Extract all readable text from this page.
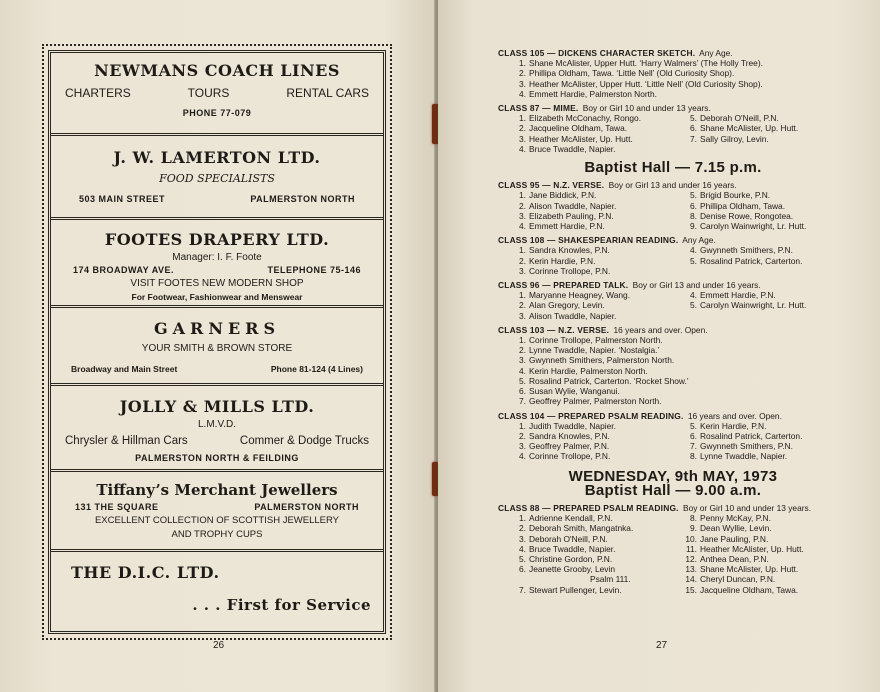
NEWMANS COACH LINES
CHARTERS	TOURS	RENTAL CARS
PHONE 77-079
J. W. LAMERTON LTD.
FOOD SPECIALISTS
503 MAIN STREET	PALMERSTON NORTH
FOOTES DRAPERY LTD.
Manager: I. F. Foote
174 BROADWAY AVE.	TELEPHONE 75-146
VISIT FOOTES NEW MODERN SHOP
For Footwear, Fashionwear and Menswear
GARNERS
YOUR SMITH & BROWN STORE
Broadway and Main Street	Phone 81-124 (4 Lines)
JOLLY & MILLS LTD.
L.M.V.D.
Chrysler & Hillman Cars	Commer & Dodge Trucks
PALMERSTON NORTH & FEILDING
Tiffany’s Merchant Jewellers
131 THE SQUARE	PALMERSTON NORTH
EXCELLENT COLLECTION OF SCOTTISH JEWELLERY
AND TROPHY CUPS
THE D.I.C. LTD.
. . . First for Service
26
CLASS 105 — DICKENS CHARACTER SKETCH. Any Age.
1. Shane McAlister, Upper Hutt. ‘Harry Walmers’ (The Holly Tree).
2. Phillipa Oldham, Tawa. ‘Little Nell’ (Old Curiosity Shop).
3. Heather McAlister, Upper Hutt. ‘Little Nell’ (Old Curiosity Shop).
4. Emmett Hardie, Palmerston North.
CLASS 87 — MIME. Boy or Girl 10 and under 13 years.
1. Elizabeth McConachy, Rongo.	5. Deborah O'Neill, P.N.
2. Jacqueline Oldham, Tawa.	6. Shane McAlister, Up. Hutt.
3. Heather McAlister, Up. Hutt.	7. Sally Gilroy, Levin.
4. Bruce Twaddle, Napier.

Baptist Hall — 7.15 p.m.
CLASS 95 — N.Z. VERSE. Boy or Girl 13 and under 16 years.
1. Jane Biddick, P.N.	5. Brigid Bourke, P.N.
2. Alison Twaddle, Napier.	6. Phillipa Oldham, Tawa.
3. Elizabeth Pauling, P.N.	8. Denise Rowe, Rongotea.
4. Emmett Hardie, P.N.	9. Carolyn Wainwright, Lr. Hutt.
CLASS 108 — SHAKESPEARIAN READING. Any Age.
1. Sandra Knowles, P.N.	4. Gwynneth Smithers, P.N.
2. Kerin Hardie, P.N.	5. Rosalind Patrick, Carterton.
3. Corinne Trollope, P.N.

CLASS 96 — PREPARED TALK. Boy or Girl 13 and under 16 years.
1. Maryanne Heagney, Wang.	4. Emmett Hardie, P.N.
2. Alan Gregory, Levin.	5. Carolyn Wainwright, Lr. Hutt.
3. Alison Twaddle, Napier.

CLASS 103 — N.Z. VERSE. 16 years and over. Open.
1. Corinne Trollope, Palmerston North.
2. Lynne Twaddle, Napier. ‘Nostalgia.’
3. Gwynneth Smithers, Palmerston North.
4. Kerin Hardie, Palmerston North.
5. Rosalind Patrick, Carterton. ‘Rocket Show.’
6. Susan Wylie, Wanganui.
7. Geoffrey Palmer, Palmerston North.
CLASS 104 — PREPARED PSALM READING. 16 years and over. Open.
1. Judith Twaddle, Napier.	5. Kerin Hardie, P.N.
2. Sandra Knowles, P.N.	6. Rosalind Patrick, Carterton.
3. Geoffrey Palmer, P.N.	7. Gwynneth Smithers, P.N.
4. Corinne Trollope, P.N.	8. Lynne Twaddle, Napier.
WEDNESDAY, 9th MAY, 1973
Baptist Hall — 9.00 a.m.
CLASS 88 — PREPARED PSALM READING. Boy or Girl 10 and under 13 years.
1. Adrienne Kendall, P.N.	8. Penny McKay, P.N.
2. Deborah Smith, Mangatnka.	9. Dean Wyllie, Levin.
3. Deborah O'Neill, P.N.	10. Jane Pauling, P.N.
4. Bruce Twaddle, Napier.	11. Heather McAlister, Up. Hutt.
5. Christine Gordon, P.N.	12. Anthea Dean, P.N.
6. Jeanette Grooby, Levin	13. Shane McAlister, Up. Hutt.
Psalm 111.	14. Cheryl Duncan, P.N.
7. Stewart Pullenger, Levin.	15. Jacqueline Oldham, Tawa.
27
